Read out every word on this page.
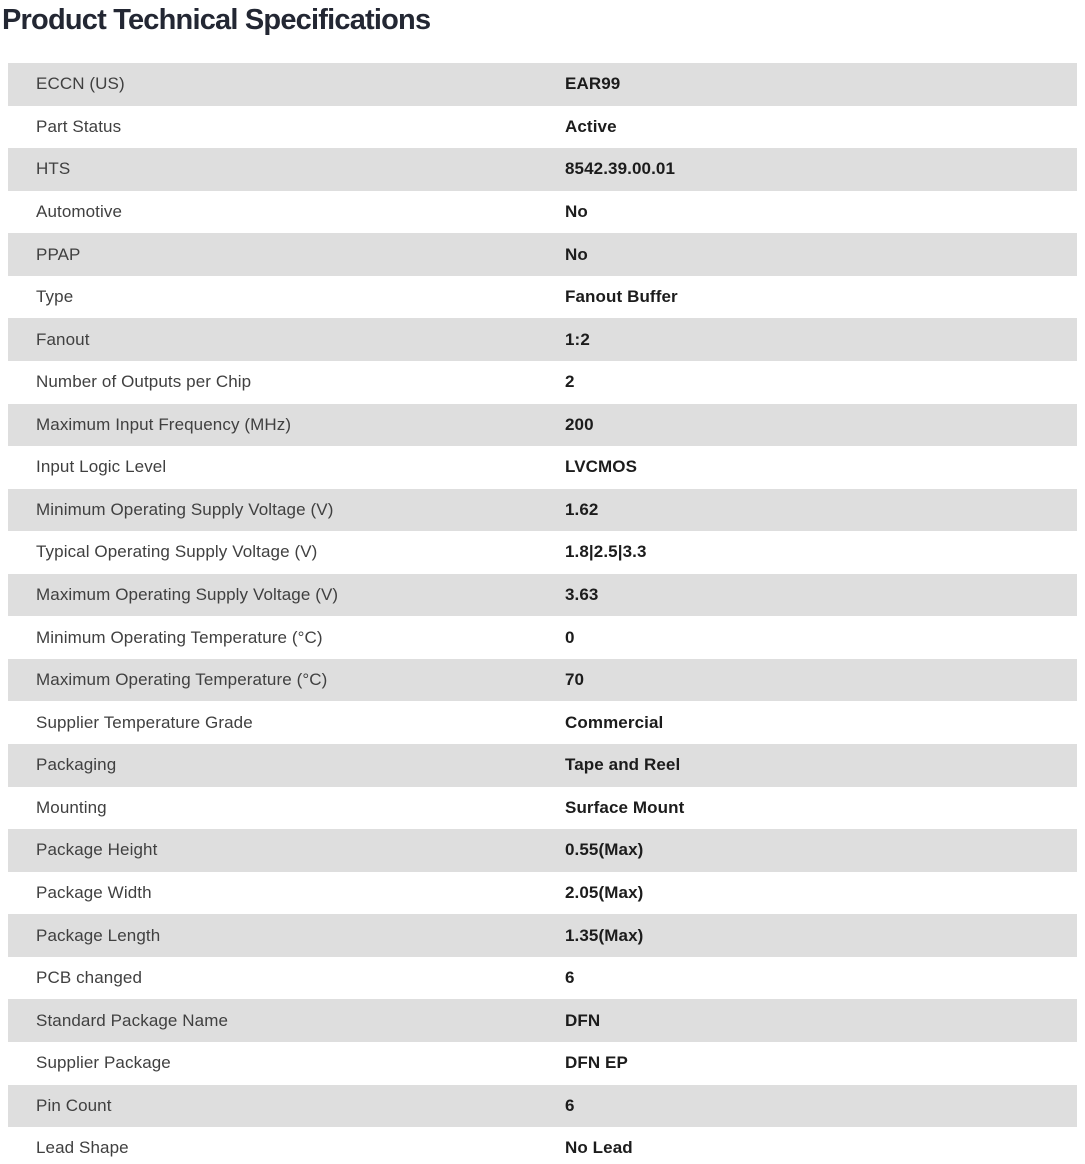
Product Technical Specifications
ECCN (US)	EAR99
Part Status	Active
HTS	8542.39.00.01
Automotive	No
PPAP	No
Type	Fanout Buffer
Fanout	1:2
Number of Outputs per Chip	2
Maximum Input Frequency (MHz)	200
Input Logic Level	LVCMOS
Minimum Operating Supply Voltage (V)	1.62
Typical Operating Supply Voltage (V)	1.8|2.5|3.3
Maximum Operating Supply Voltage (V)	3.63
Minimum Operating Temperature (°C)	0
Maximum Operating Temperature (°C)	70
Supplier Temperature Grade	Commercial
Packaging	Tape and Reel
Mounting	Surface Mount
Package Height	0.55(Max)
Package Width	2.05(Max)
Package Length	1.35(Max)
PCB changed	6
Standard Package Name	DFN
Supplier Package	DFN EP
Pin Count	6
Lead Shape	No Lead
